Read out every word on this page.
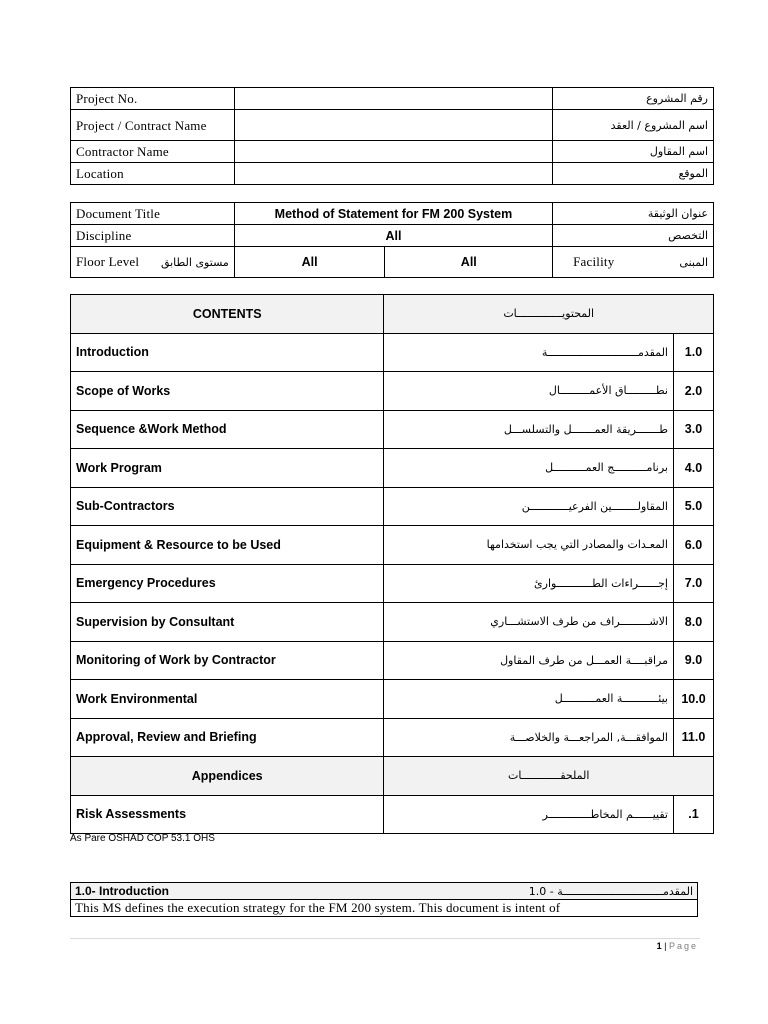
Project No.		رقم المشروع
Project / Contract Name		اسم المشروع / العقد
Contractor Name		اسم المقاول
Location		الموقع
Document Title		Method of Statement for FM 200 System		عنوان الوثيقة	
Discipline		All		التخصص	
Floor Level	مستوى الطابق	All	All	Facility	المبنى
CONTENTS	المحتويــــــــــــــات	
Introduction	المقدمــــــــــــــــــــــــــــة	1.0
Scope of Works	نطـــــــــاق الأعمـــــــــال	2.0
Sequence &Work Method	طـــــــريقة العمـــــــل والتسلســـل	3.0
Work Program	برنامــــــــــج العمــــــــــل	4.0
Sub-Contractors	المقاولــــــــين الفرعيــــــــــــن	5.0
Equipment & Resource to be Used	المعـدات والمصادر التي يجب استخدامها	6.0
Emergency Procedures	إجــــــراءات الطـــــــــــوارئ	7.0
Supervision by Consultant	الاشـــــــــراف من طرف الاستشـــاري	8.0
Monitoring of Work by Contractor	مراقبــــة العمـــل من طرف المقاول	9.0
Work Environmental	بيئـــــــــــة العمــــــــــل	10.0
Approval, Review and Briefing	الموافقـــة, المراجعـــة والخلاصـــة	11.0
Appendices	الملحقــــــــــــات	
Risk Assessments	تقييــــــم المخاطـــــــــــــر	.1
As Pare OSHAD COP 53.1 OHS
1.0- Introduction	المقدمـــــــــــــــــــــــــــــــة - 1.0
This MS defines the execution strategy for the FM 200 system. This document is intent of
1 | Page
